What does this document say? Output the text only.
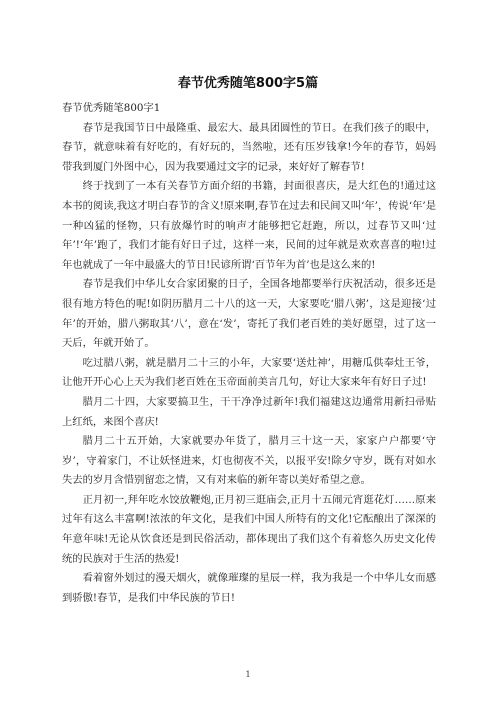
春节优秀随笔800字5篇

春节优秀随笔800字1

春节是我国节日中最隆重、最宏大、最具团圆性的节日。在我们孩子的眼中，春节，就意味着有好吃的，有好玩的，当然啦，还有压岁钱拿!今年的春节，妈妈带我到厦门外图中心，因为我要通过文字的记录，来好好了解春节!

终于找到了一本有关春节方面介绍的书籍，封面很喜庆，是大红色的!通过这本书的阅读,我这才明白春节的含义!原来啊,春节在过去和民间又叫‘年’，传说‘年’是一种凶猛的怪物，只有放爆竹时的响声才能够把它赶跑，所以，过春节又叫‘过年’!‘年’跑了，我们才能有好日子过，这样一来，民间的过年就是欢欢喜喜的啦!过年也就成了一年中最盛大的节日!民谚所谓‘百节年为首’也是这么来的!

春节是我们中华儿女合家团聚的日子，全国各地都要举行庆祝活动，很多还是很有地方特色的呢!如阴历腊月二十八的这一天，大家要吃‘腊八粥’，这是迎接‘过年’的开始，腊八粥取其‘八’，意在‘发’，寄托了我们老百姓的美好愿望，过了这一天后，年就开始了。

吃过腊八粥，就是腊月二十三的小年，大家要‘送灶神’，用糖瓜供奉灶王爷，让他开开心心上天为我们老百姓在玉帝面前美言几句，好让大家来年有好日子过!

腊月二十四，大家要搞卫生，干干净净过新年!我们福建这边通常用新扫帚贴上红纸，来图个喜庆!

腊月二十五开始，大家就要办年货了，腊月三十这一天，家家户户都要‘守岁’，守着家门，不让妖怪进来，灯也彻夜不关，以报平安!除夕守岁，既有对如水失去的岁月含惜别留恋之情，又有对来临的新年寄以美好希望之意。

正月初一,拜年吃水饺放鞭炮,正月初三逛庙会,正月十五闹元宵逛花灯……原来过年有这么丰富啊!浓浓的年文化，是我们中国人所特有的文化!它酝酿出了深深的年意年味!无论从饮食还是到民俗活动，都体现出了我们这个有着悠久历史文化传统的民族对于生活的热爱!

看着窗外划过的漫天烟火，就像璀璨的星辰一样，我为我是一个中华儿女而感到骄傲!春节，是我们中华民族的节日!

1
